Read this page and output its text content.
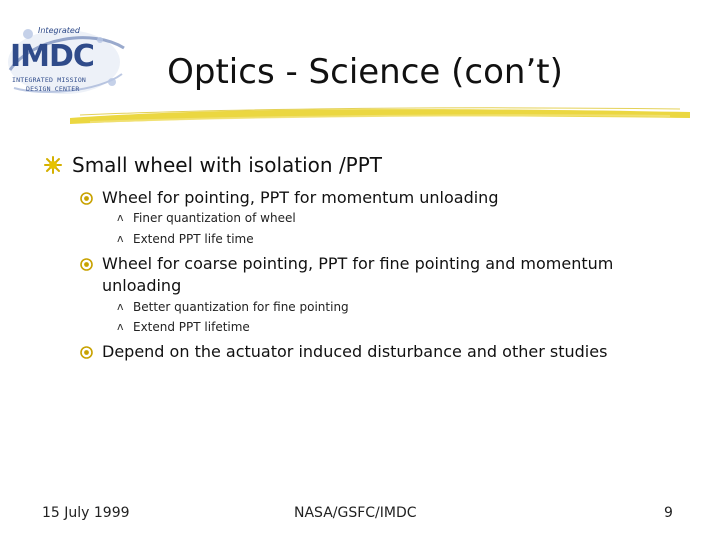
Integrated
IMDC
INTEGRATED MISSION
DESIGN CENTER	Optics - Science (con’t)
Small wheel with isolation /PPT
Wheel for pointing, PPT for momentum unloading
ʌ Finer quantization of wheel
ʌ Extend PPT life time
Wheel for coarse pointing, PPT for fine pointing and momentum
unloading
ʌ Better quantization for fine pointing
ʌ Extend PPT lifetime
Depend on the actuator induced disturbance and other studies
15 July 1999	NASA/GSFC/IMDC	9
